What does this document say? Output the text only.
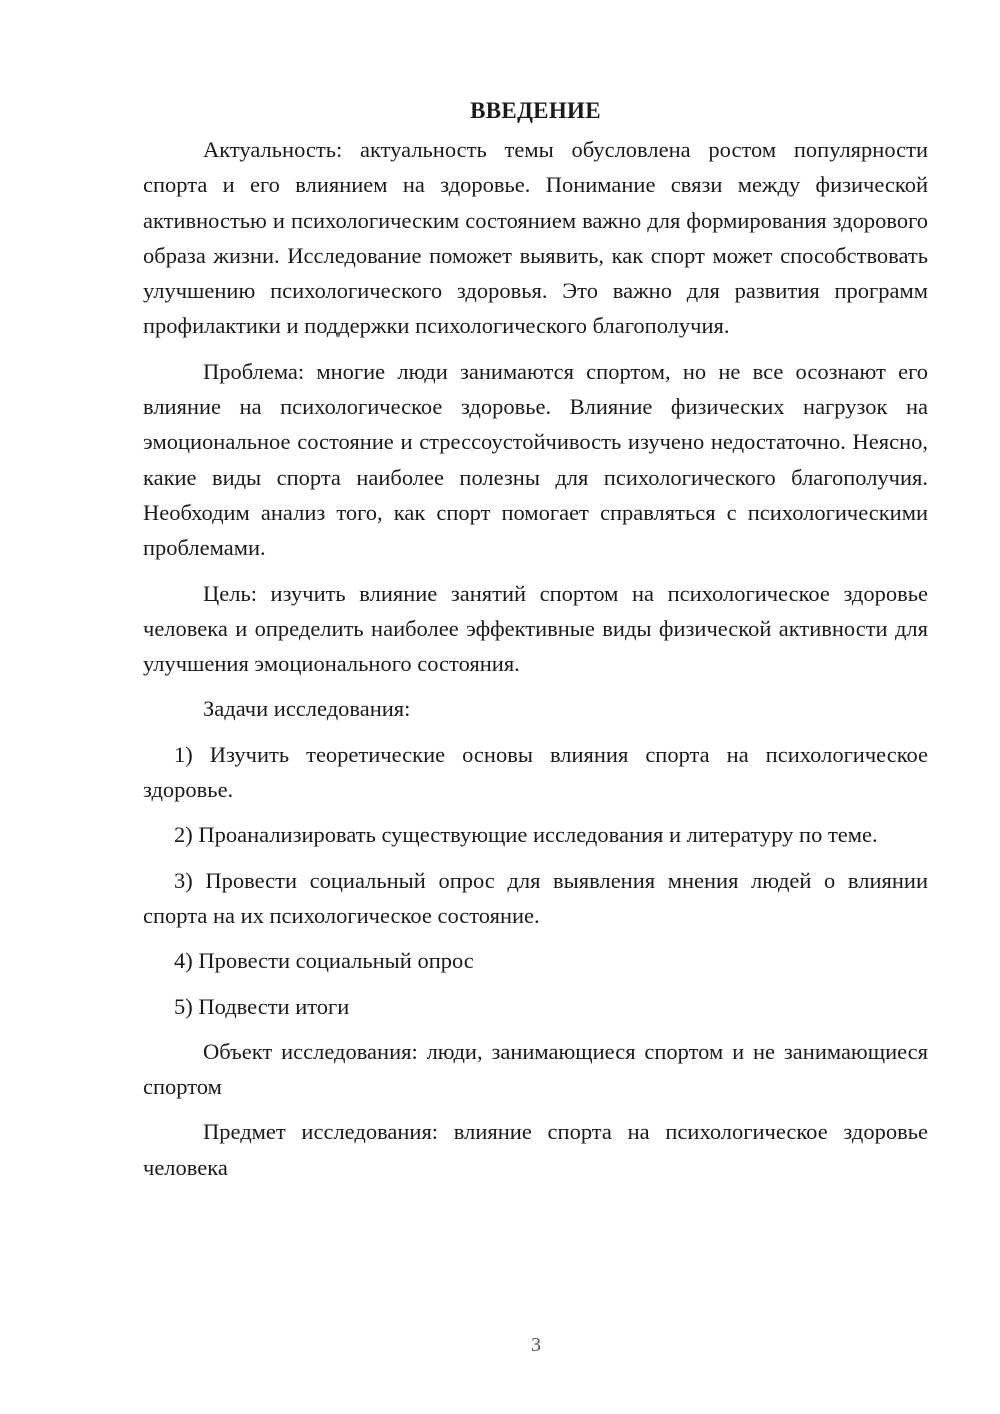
ВВЕДЕНИЕ

Актуальность: актуальность темы обусловлена ростом популярности спорта и его влиянием на здоровье. Понимание связи между физической активностью и психологическим состоянием важно для формирования здорового образа жизни. Исследование поможет выявить, как спорт может способствовать улучшению психологического здоровья. Это важно для развития программ профилактики и поддержки психологического благополучия.

Проблема: многие люди занимаются спортом, но не все осознают его влияние на психологическое здоровье. Влияние физических нагрузок на эмоциональное состояние и стрессоустойчивость изучено недостаточно. Неясно, какие виды спорта наиболее полезны для психологического благополучия. Необходим анализ того, как спорт помогает справляться с психологическими проблемами.

Цель: изучить влияние занятий спортом на психологическое здоровье человека и определить наиболее эффективные виды физической активности для улучшения эмоционального состояния.

Задачи исследования:

1) Изучить теоретические основы влияния спорта на психологическое здоровье.

2) Проанализировать существующие исследования и литературу по теме.

3) Провести социальный опрос для выявления мнения людей о влиянии спорта на их психологическое состояние.

4) Провести социальный опрос

5) Подвести итоги

Объект исследования: люди, занимающиеся спортом и не занимающиеся спортом

Предмет исследования: влияние спорта на психологическое здоровье человека

3
